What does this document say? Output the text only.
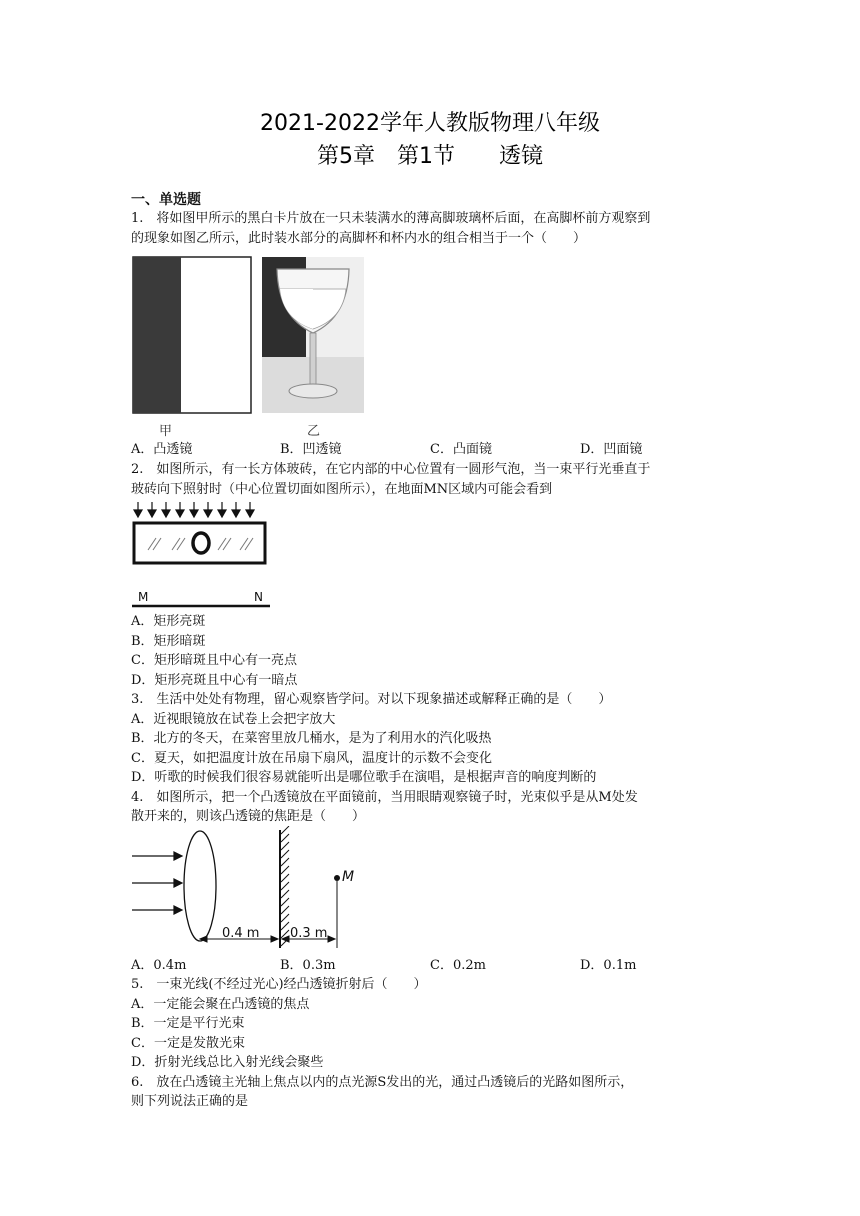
2021-2022学年人教版物理八年级
第5章　第1节　　透镜
一、单选题
1.　将如图甲所示的黑白卡片放在一只未装满水的薄高脚玻璃杯后面，在高脚杯前方观察到
的现象如图乙所示，此时装水部分的高脚杯和杯内水的组合相当于一个（　　）
甲	乙
A．凸透镜	B．凹透镜	C．凸面镜	D．凹面镜
2.　如图所示，有一长方体玻砖，在它内部的中心位置有一圆形气泡，当一束平行光垂直于
玻砖向下照射时（中心位置切面如图所示），在地面MN区域内可能会看到
M	N
A．矩形亮斑
B．矩形暗斑
C．矩形暗斑且中心有一亮点
D．矩形亮斑且中心有一暗点
3.　生活中处处有物理，留心观察皆学问。对以下现象描述或解释正确的是（　　）
A．近视眼镜放在试卷上会把字放大
B．北方的冬天，在菜窖里放几桶水，是为了利用水的汽化吸热
C．夏天，如把温度计放在吊扇下扇风，温度计的示数不会变化
D．听歌的时候我们很容易就能听出是哪位歌手在演唱，是根据声音的响度判断的
4.　如图所示，把一个凸透镜放在平面镜前，当用眼睛观察镜子时，光束似乎是从M处发
散开来的，则该凸透镜的焦距是（　　）
M
0.4 m 0.3 m
A．0.4m	B．0.3m	C．0.2m	D．0.1m
5.　一束光线(不经过光心)经凸透镜折射后（　　）
A．一定能会聚在凸透镜的焦点
B．一定是平行光束
C．一定是发散光束
D．折射光线总比入射光线会聚些
6.　放在凸透镜主光轴上焦点以内的点光源S发出的光，通过凸透镜后的光路如图所示，
则下列说法正确的是
